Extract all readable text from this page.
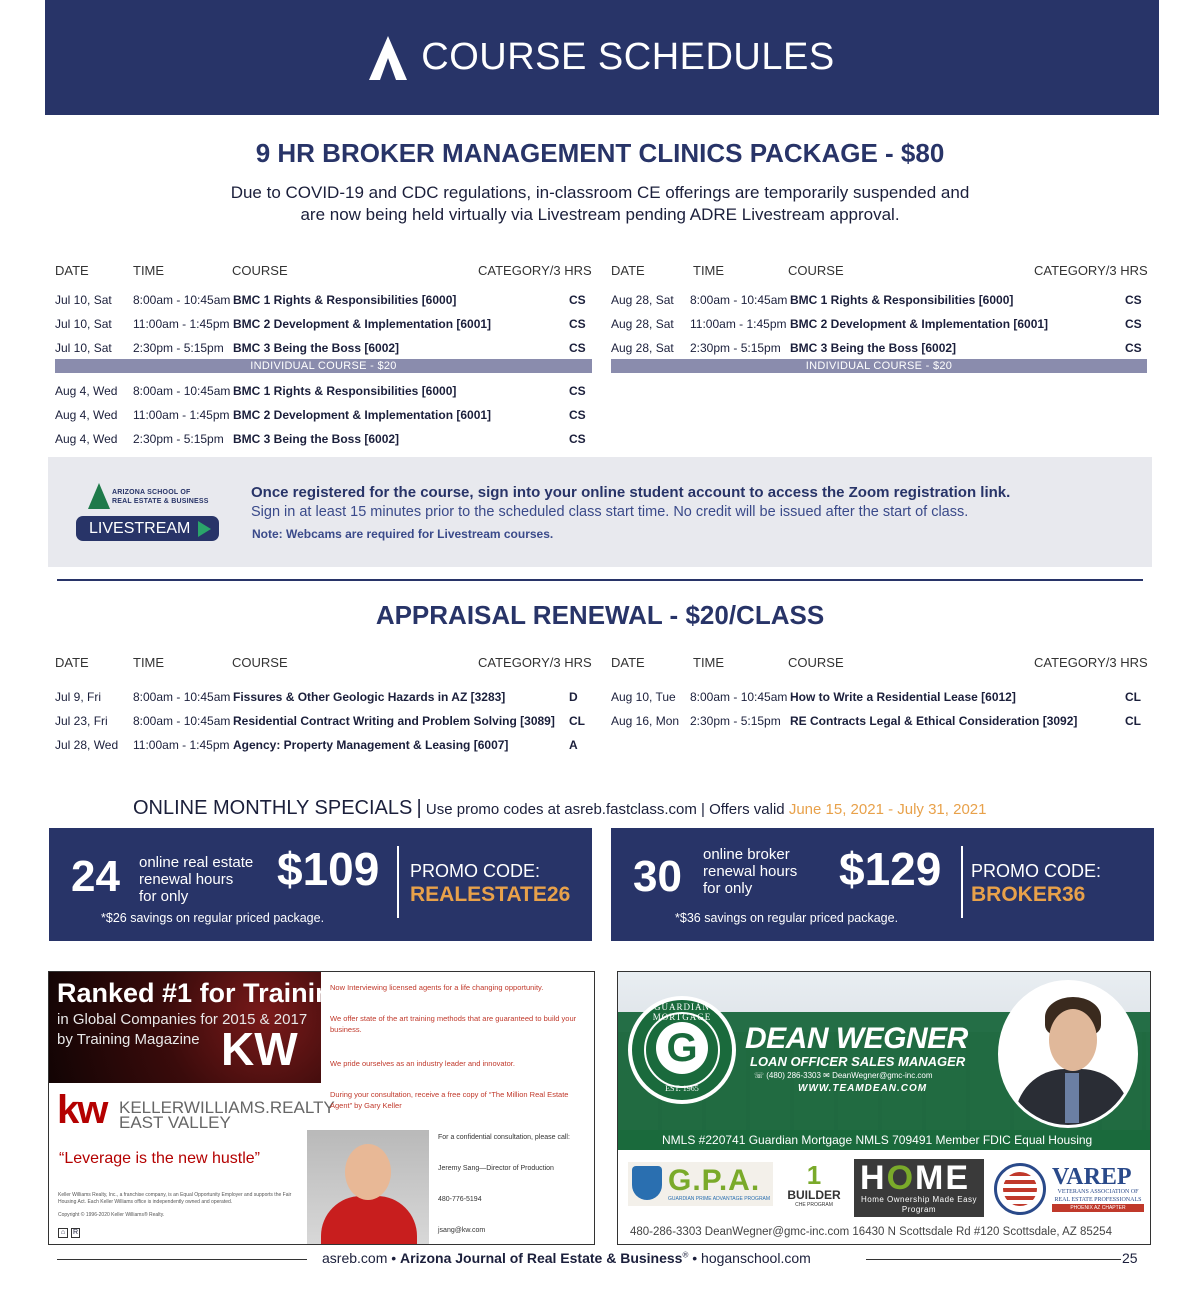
COURSE SCHEDULES
9 HR BROKER MANAGEMENT CLINICS PACKAGE - $80
Due to COVID-19 and CDC regulations, in-classroom CE offerings are temporarily suspended and
are now being held virtually via Livestream pending ADRE Livestream approval.
DATE	TIME	COURSE	CATEGORY/3 HRS
Jul 10, Sat 8:00am - 10:45am BMC 1 Rights & Responsibilities [6000]	CS
Jul 10, Sat 11:00am - 1:45pm BMC 2 Development & Implementation [6001]	CS
Jul 10, Sat 2:30pm - 5:15pm BMC 3 Being the Boss [6002]	CS
INDIVIDUAL COURSE - $20
Aug 4, Wed 8:00am - 10:45am BMC 1 Rights & Responsibilities [6000]	CS
Aug 4, Wed 11:00am - 1:45pm BMC 2 Development & Implementation [6001]	CS
Aug 4, Wed 2:30pm - 5:15pm BMC 3 Being the Boss [6002]	CS
DATE	TIME	COURSE	CATEGORY/3 HRS
Aug 28, Sat 8:00am - 10:45am BMC 1 Rights & Responsibilities [6000]	CS
Aug 28, Sat 11:00am - 1:45pm BMC 2 Development & Implementation [6001]	CS
Aug 28, Sat 2:30pm - 5:15pm BMC 3 Being the Boss [6002]	CS
INDIVIDUAL COURSE - $20
ARIZONA SCHOOL OF
REAL ESTATE & BUSINESS
LIVESTREAM
Once registered for the course, sign into your online student account to access the Zoom registration link.
Sign in at least 15 minutes prior to the scheduled class start time. No credit will be issued after the start of class.
Note: Webcams are required for Livestream courses.
APPRAISAL RENEWAL - $20/CLASS
DATE	TIME	COURSE	CATEGORY/3 HRS
Jul 9, Fri	8:00am - 10:45am Fissures & Other Geologic Hazards in AZ [3283]	D
Jul 23, Fri 8:00am - 10:45am Residential Contract Writing and Problem Solving [3089] CL
Jul 28, Wed 11:00am - 1:45pm Agency: Property Management & Leasing [6007]	A
DATE	TIME	COURSE	CATEGORY/3 HRS
Aug 10, Tue 8:00am - 10:45am How to Write a Residential Lease [6012]	CL
Aug 16, Mon 2:30pm - 5:15pm RE Contracts Legal & Ethical Consideration [3092]	CL
ONLINE MONTHLY SPECIALS | Use promo codes at asreb.fastclass.com | Offers valid June 15, 2021 - July 31, 2021
24 online real estate
renewal hours
for only
$109 PROMO CODE:
REALESTATE26
*$26 savings on regular priced package.
30 online broker
renewal hours
for only	$129 PROMO CODE:
BROKER36
*$36 savings on regular priced package.
Ranked #1 for Training
in Global Companies for 2015 & 2017
by Training Magazine KW
kw KELLERWILLIAMS.REALTY
EAST VALLEY
“Leverage is the new hustle”
Keller Williams Realty, Inc., a franchise company, is an Equal Opportunity Employer and supports the Fair Housing Act. Each Keller Williams office is independently owned and operated.
Copyright © 1996-2020 Keller Williams® Realty.
⌂	R
Now Interviewing licensed agents for a life changing opportunity.
We offer state of the art training methods that are guaranteed to build your business.
We pride ourselves as an industry leader and innovator.
During your consultation, receive a free copy of “The Million Real Estate Agent” by Gary Keller
For a confidential consultation, please call:
Jeremy Sang—Director of Production
480-776-5194
jsang@kw.com
GUARDIAN MORTGAGE
G
EST. 1965
DEAN WEGNER
LOAN OFFICER SALES MANAGER
☏ (480) 286-3303 ✉ DeanWegner@gmc-inc.com
WWW.TEAMDEAN.COM
NMLS #220741 Guardian Mortgage NMLS 709491 Member FDIC Equal Housing
G.P.A.
GUARDIAN PRIME ADVANTAGE PROGRAM
1
BUILDER
CHE PROGRAM
HOME
Home Ownership Made Easy
Program
VAREP
VETERANS ASSOCIATION OF REAL ESTATE PROFESSIONALS
PHOENIX AZ CHAPTER
480-286-3303 DeanWegner@gmc-inc.com 16430 N Scottsdale Rd #120 Scottsdale, AZ 85254
asreb.com • Arizona Journal of Real Estate & Business® • hoganschool.com	25
